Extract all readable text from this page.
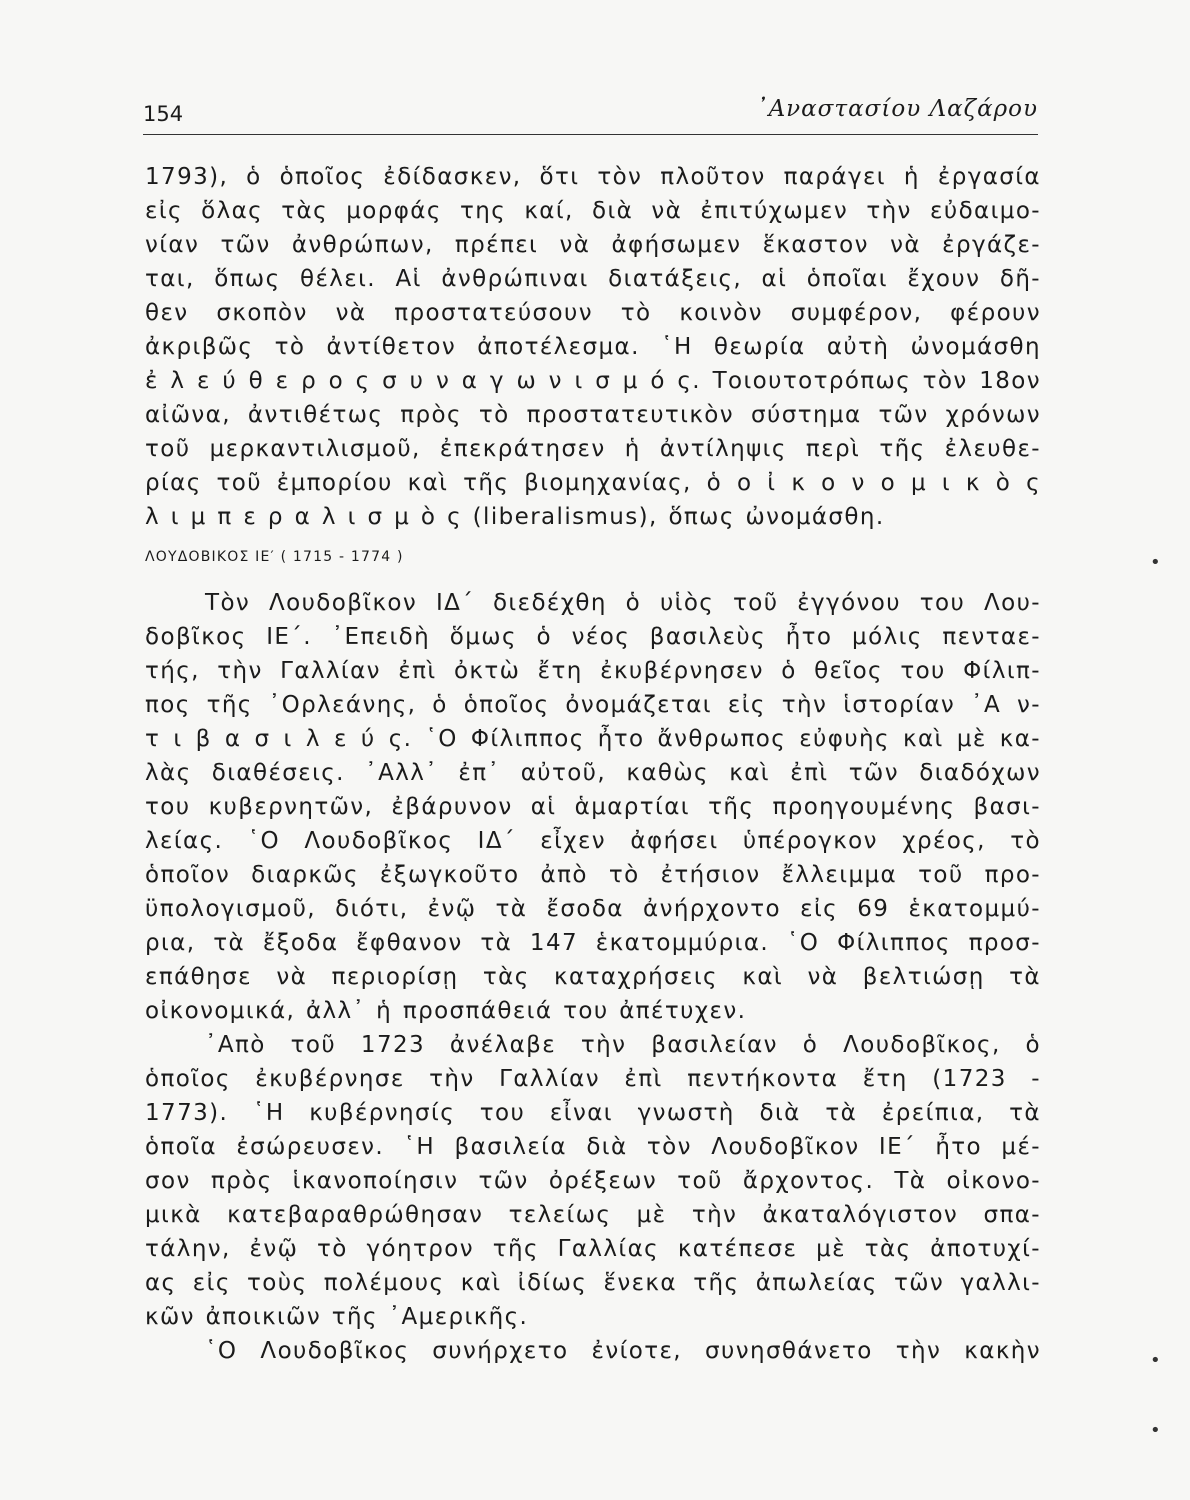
154	᾿Αναστασίου Λαζάρου
1793), ὁ ὁποῖος ἐδίδασκεν, ὅτι τὸν πλοῦτον παράγει ἡ ἐργασία
εἰς ὅλας τὰς μορφάς της καί, διὰ νὰ ἐπιτύχωμεν τὴν εὐδαιμο-
νίαν τῶν ἀνθρώπων, πρέπει νὰ ἀφήσωμεν ἕκαστον νὰ ἐργάζε-
ται, ὅπως θέλει. Αἱ ἀνθρώπιναι διατάξεις, αἱ ὁποῖαι ἔχουν δῆ-
θεν σκοπὸν νὰ προστατεύσουν τὸ κοινὸν συμφέρον, φέρουν
ἀκριβῶς τὸ ἀντίθετον ἀποτέλεσμα. ῾Η θεωρία αὐτὴ ὠνομάσθη
ἐ λ ε ύ θ ε ρ ο ς σ υ ν α γ ω ν ι σ μ ό ς. Τοιουτοτρόπως τὸν 18ον
αἰῶνα, ἀντιθέτως πρὸς τὸ προστατευτικὸν σύστημα τῶν χρόνων
τοῦ μερκαντιλισμοῦ, ἐπεκράτησεν ἡ ἀντίληψις περὶ τῆς ἐλευθε-
ρίας τοῦ ἐμπορίου καὶ τῆς βιομηχανίας, ὁ ο ἰ κ ο ν ο μ ι κ ὸ ς
λ ι μ π ε ρ α λ ι σ μ ὸ ς (liberalismus), ὅπως ὠνομάσθη.
ΛΟΥΔΟΒΙΚΟΣ ΙΕ′ ( 1715 - 1774 )
Τὸν Λουδοβῖκον ΙΔ΄ διεδέχθη ὁ υἱὸς τοῦ ἐγγόνου του Λου-
δοβῖκος ΙΕ΄. ᾿Επειδὴ ὅμως ὁ νέος βασιλεὺς ἦτο μόλις πενταε-
τής, τὴν Γαλλίαν ἐπὶ ὀκτὼ ἔτη ἐκυβέρνησεν ὁ θεῖος του Φίλιπ-
πος τῆς ᾿Ορλεάνης, ὁ ὁποῖος ὀνομάζεται εἰς τὴν ἱστορίαν ᾿Α ν-
τ ι β α σ ι λ ε ύ ς. ῾Ο Φίλιππος ἦτο ἄνθρωπος εὐφυὴς καὶ μὲ κα-
λὰς διαθέσεις. ᾿Αλλ᾿ ἐπ᾿ αὐτοῦ, καθὼς καὶ ἐπὶ τῶν διαδόχων
του κυβερνητῶν, ἐβάρυνον αἱ ἁμαρτίαι τῆς προηγουμένης βασι-
λείας. ῾Ο Λουδοβῖκος ΙΔ΄ εἶχεν ἀφήσει ὑπέρογκον χρέος, τὸ
ὁποῖον διαρκῶς ἐξωγκοῦτο ἀπὸ τὸ ἐτήσιον ἔλλειμμα τοῦ προ-
ϋπολογισμοῦ, διότι, ἐνῷ τὰ ἔσοδα ἀνήρχοντο εἰς 69 ἑκατομμύ-
ρια, τὰ ἔξοδα ἔφθανον τὰ 147 ἑκατομμύρια. ῾Ο Φίλιππος προσ-
επάθησε νὰ περιορίσῃ τὰς καταχρήσεις καὶ νὰ βελτιώσῃ τὰ
οἰκονομικά, ἀλλ᾿ ἡ προσπάθειά του ἀπέτυχεν.
᾿Απὸ τοῦ 1723 ἀνέλαβε τὴν βασιλείαν ὁ Λουδοβῖκος, ὁ
ὁποῖος ἐκυβέρνησε τὴν Γαλλίαν ἐπὶ πεντήκοντα ἔτη (1723 -
1773). ῾Η κυβέρνησίς του εἶναι γνωστὴ διὰ τὰ ἐρείπια, τὰ
ὁποῖα ἐσώρευσεν. ῾Η βασιλεία διὰ τὸν Λουδοβῖκον ΙΕ΄ ἦτο μέ-
σον πρὸς ἱκανοποίησιν τῶν ὀρέξεων τοῦ ἄρχοντος. Τὰ οἰκονο-
μικὰ κατεβαραθρώθησαν τελείως μὲ τὴν ἀκαταλόγιστον σπα-
τάλην, ἐνῷ τὸ γόητρον τῆς Γαλλίας κατέπεσε μὲ τὰς ἀποτυχί-
ας εἰς τοὺς πολέμους καὶ ἰδίως ἕνεκα τῆς ἀπωλείας τῶν γαλλι-
κῶν ἀποικιῶν τῆς ᾿Αμερικῆς.
῾Ο Λουδοβῖκος συνήρχετο ἐνίοτε, συνησθάνετο τὴν κακὴν
•
•
•
